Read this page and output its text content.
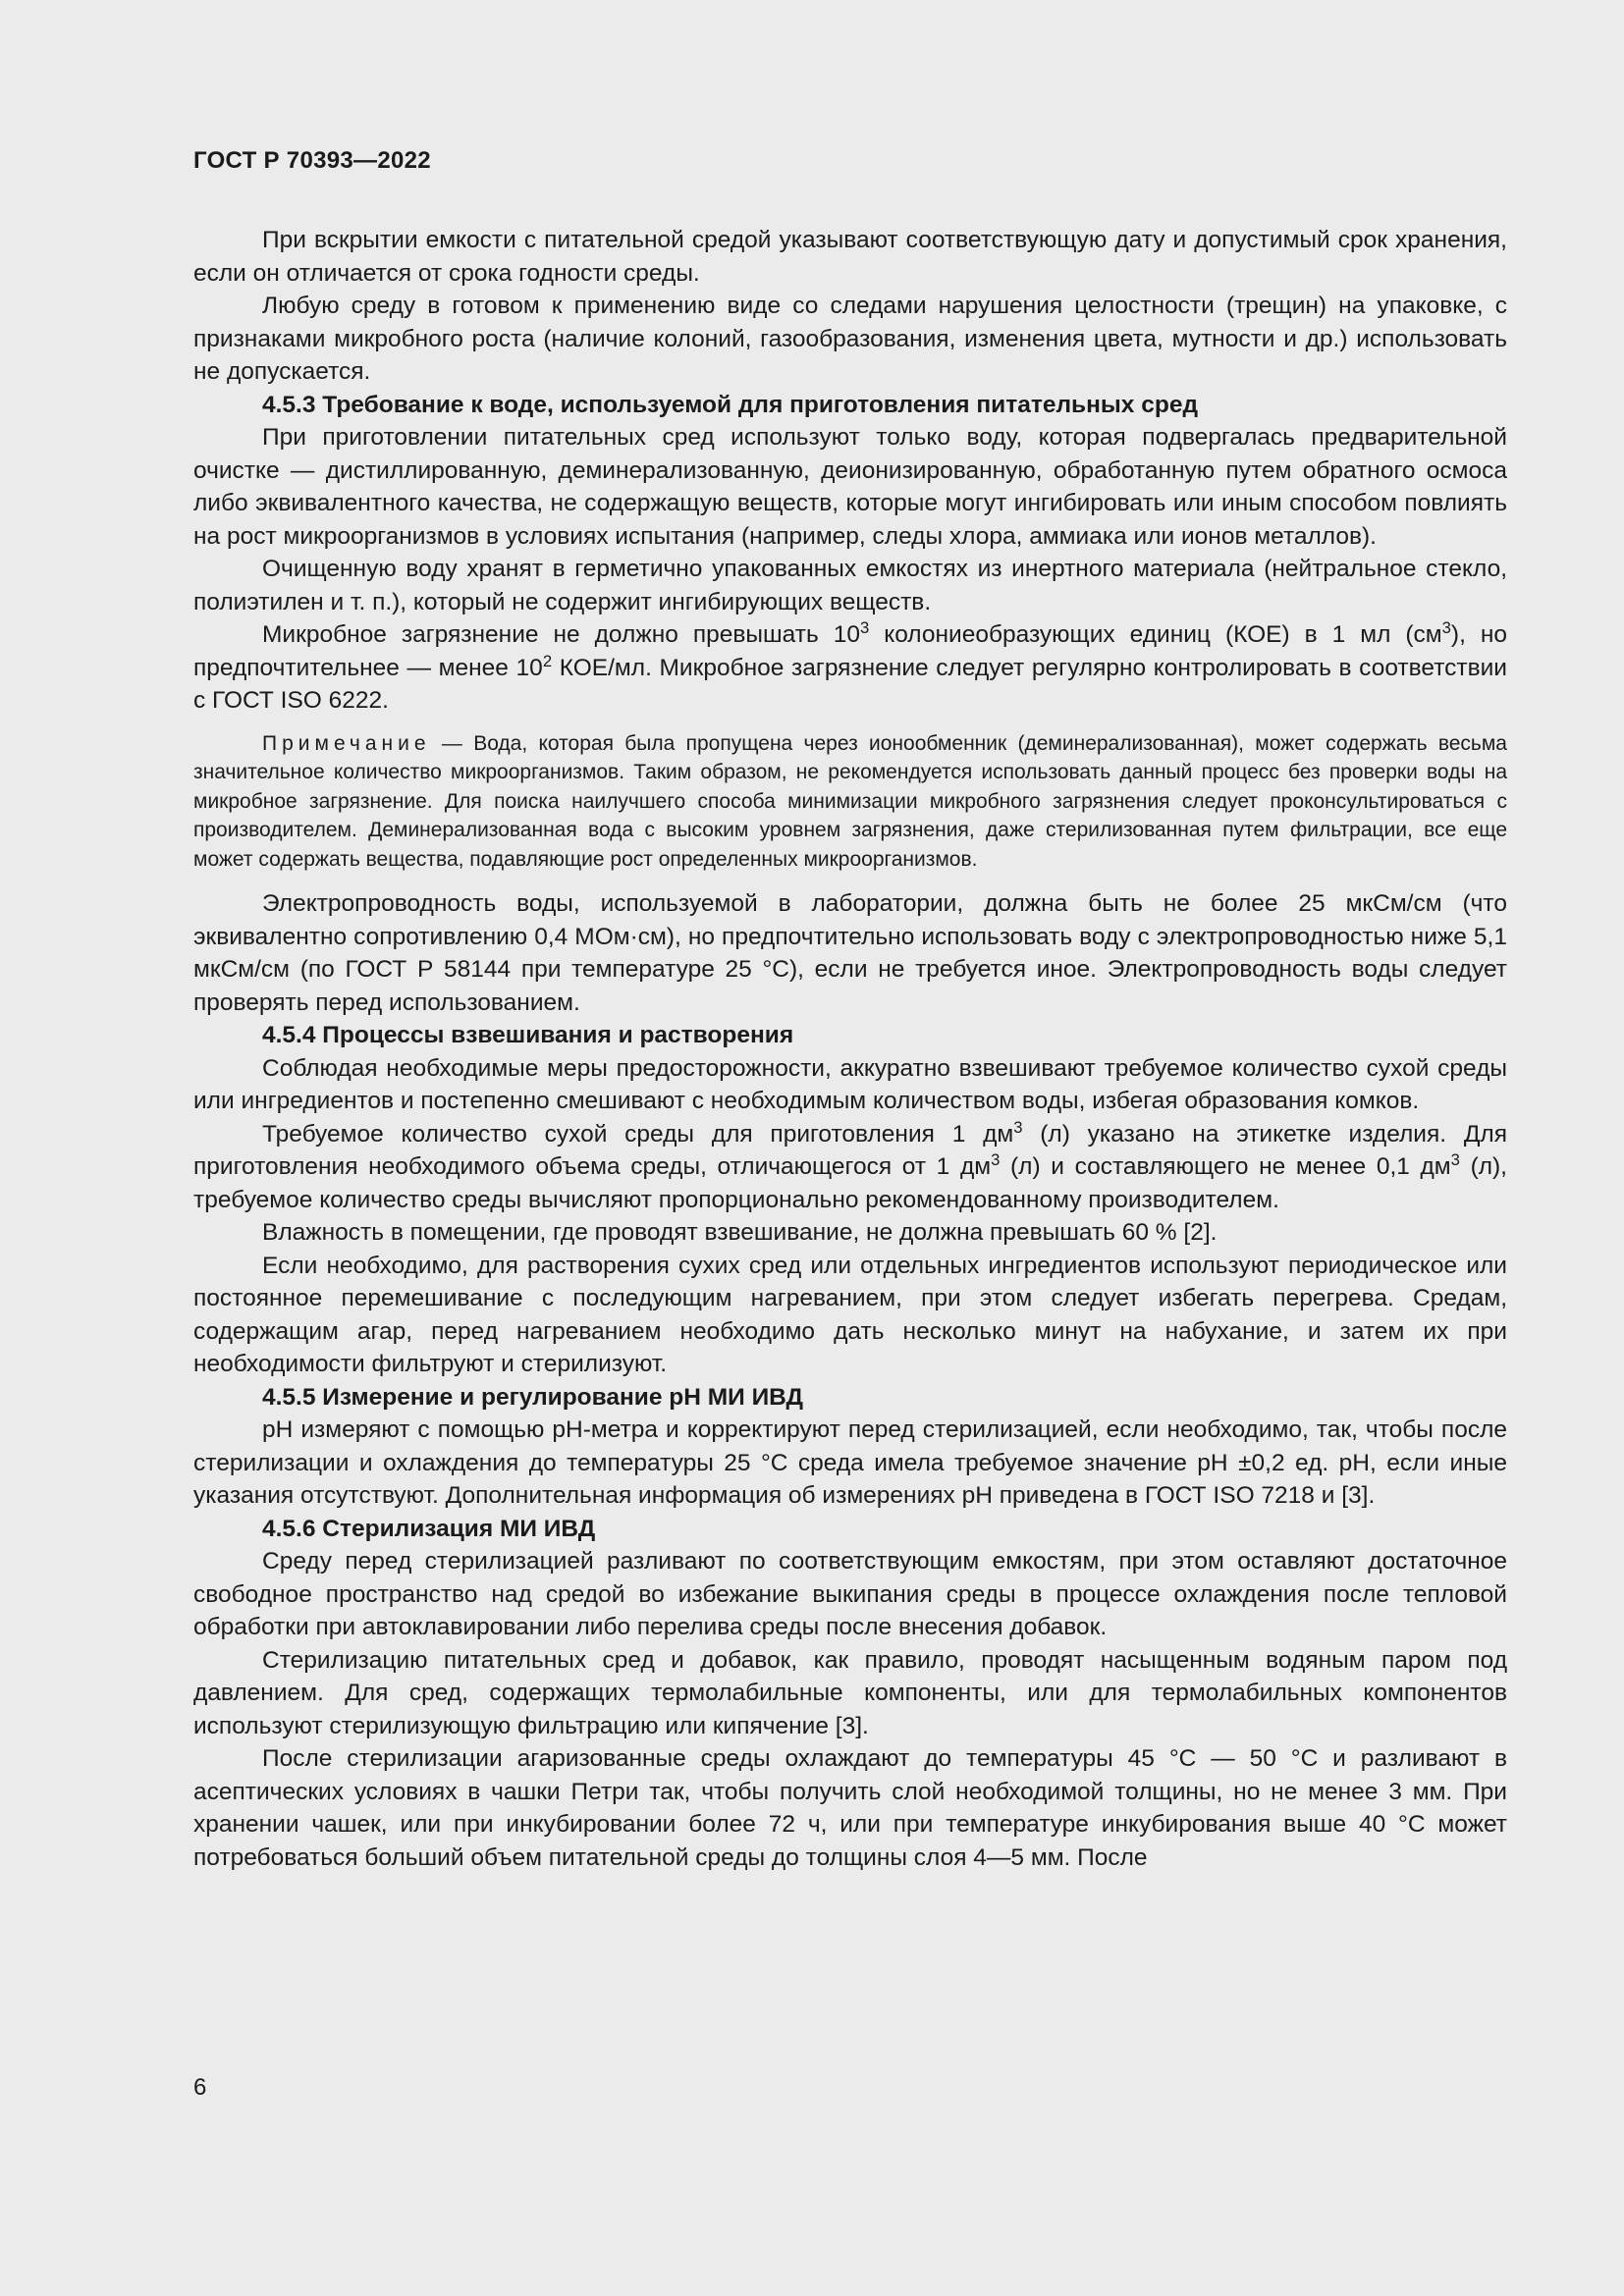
ГОСТ Р 70393—2022

При вскрытии емкости с питательной средой указывают соответствующую дату и допустимый срок хранения, если он отличается от срока годности среды.

Любую среду в готовом к применению виде со следами нарушения целостности (трещин) на упаковке, с признаками микробного роста (наличие колоний, газообразования, изменения цвета, мутности и др.) использовать не допускается.

4.5.3 Требование к воде, используемой для приготовления питательных сред

При приготовлении питательных сред используют только воду, которая подвергалась предварительной очистке — дистиллированную, деминерализованную, деионизированную, обработанную путем обратного осмоса либо эквивалентного качества, не содержащую веществ, которые могут ингибировать или иным способом повлиять на рост микроорганизмов в условиях испытания (например, следы хлора, аммиака или ионов металлов).

Очищенную воду хранят в герметично упакованных емкостях из инертного материала (нейтральное стекло, полиэтилен и т. п.), который не содержит ингибирующих веществ.

Микробное загрязнение не должно превышать $10^3$ колониеобразующих единиц (КОЕ) в 1 мл $(см^3)$, но предпочтительнее — менее $10^2$ КОЕ/мл. Микробное загрязнение следует регулярно контролировать в соответствии с ГОСТ ISO 6222.

Примечание — Вода, которая была пропущена через ионообменник (деминерализованная), может содержать весьма значительное количество микроорганизмов. Таким образом, не рекомендуется использовать данный процесс без проверки воды на микробное загрязнение. Для поиска наилучшего способа минимизации микробного загрязнения следует проконсультироваться с производителем. Деминерализованная вода с высоким уровнем загрязнения, даже стерилизованная путем фильтрации, все еще может содержать вещества, подавляющие рост определенных микроорганизмов.

Электропроводность воды, используемой в лаборатории, должна быть не более 25 мкСм/см (что эквивалентно сопротивлению 0,4 МОм·см), но предпочтительно использовать воду с электропроводностью ниже 5,1 мкСм/см (по ГОСТ Р 58144 при температуре 25 °С), если не требуется иное. Электропроводность воды следует проверять перед использованием.

4.5.4 Процессы взвешивания и растворения

Соблюдая необходимые меры предосторожности, аккуратно взвешивают требуемое количество сухой среды или ингредиентов и постепенно смешивают с необходимым количеством воды, избегая образования комков.

Требуемое количество сухой среды для приготовления 1 $дм^3$ (л) указано на этикетке изделия. Для приготовления необходимого объема среды, отличающегося от 1 $дм^3$ (л) и составляющего не менее 0,1 $дм^3$ (л), требуемое количество среды вычисляют пропорционально рекомендованному производителем.

Влажность в помещении, где проводят взвешивание, не должна превышать 60 % [2].

Если необходимо, для растворения сухих сред или отдельных ингредиентов используют периодическое или постоянное перемешивание с последующим нагреванием, при этом следует избегать перегрева. Средам, содержащим агар, перед нагреванием необходимо дать несколько минут на набухание, и затем их при необходимости фильтруют и стерилизуют.

4.5.5 Измерение и регулирование рН МИ ИВД

рН измеряют с помощью рН-метра и корректируют перед стерилизацией, если необходимо, так, чтобы после стерилизации и охлаждения до температуры 25 °С среда имела требуемое значение рН ±0,2 ед. рН, если иные указания отсутствуют. Дополнительная информация об измерениях рН приведена в ГОСТ ISO 7218 и [3].

4.5.6 Стерилизация МИ ИВД

Среду перед стерилизацией разливают по соответствующим емкостям, при этом оставляют достаточное свободное пространство над средой во избежание выкипания среды в процессе охлаждения после тепловой обработки при автоклавировании либо перелива среды после внесения добавок.

Стерилизацию питательных сред и добавок, как правило, проводят насыщенным водяным паром под давлением. Для сред, содержащих термолабильные компоненты, или для термолабильных компонентов используют стерилизующую фильтрацию или кипячение [3].

После стерилизации агаризованные среды охлаждают до температуры 45 °С — 50 °С и разливают в асептических условиях в чашки Петри так, чтобы получить слой необходимой толщины, но не менее 3 мм. При хранении чашек, или при инкубировании более 72 ч, или при температуре инкубирования выше 40 °С может потребоваться больший объем питательной среды до толщины слоя 4—5 мм. После

6
